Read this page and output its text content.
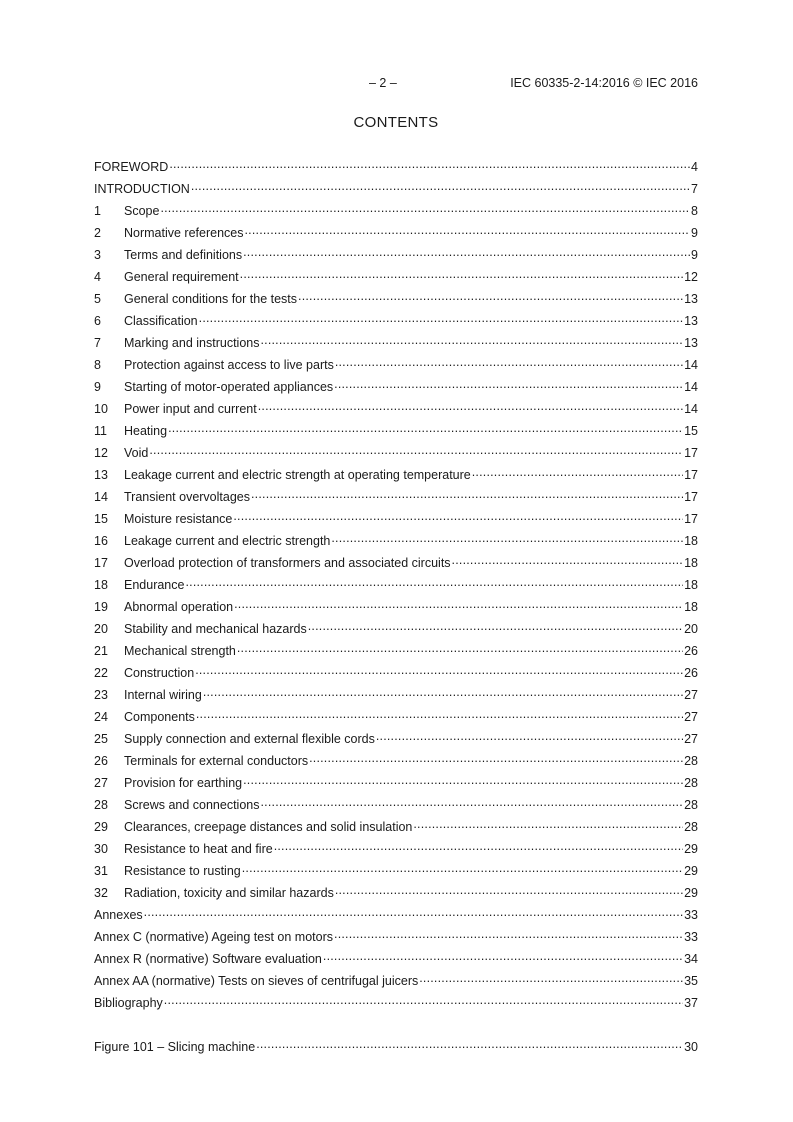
– 2 –	IEC 60335-2-14:2016 © IEC 2016
CONTENTS
FOREWORD .....	4
INTRODUCTION .....	7
1	Scope .....	8
2	Normative references .....	9
3	Terms and definitions .....	9
4	General requirement .....	12
5	General conditions for the tests .....	13
6	Classification .....	13
7	Marking and instructions .....	13
8	Protection against access to live parts .....	14
9	Starting of motor-operated appliances .....	14
10	Power input and current .....	14
11	Heating .....	15
12	Void .....	17
13	Leakage current and electric strength at operating temperature .....	17
14	Transient overvoltages .....	17
15	Moisture resistance .....	17
16	Leakage current and electric strength .....	18
17	Overload protection of transformers and associated circuits .....	18
18	Endurance .....	18
19	Abnormal operation .....	18
20	Stability and mechanical hazards .....	20
21	Mechanical strength .....	26
22	Construction .....	26
23	Internal wiring .....	27
24	Components .....	27
25	Supply connection and external flexible cords .....	27
26	Terminals for external conductors .....	28
27	Provision for earthing .....	28
28	Screws and connections .....	28
29	Clearances, creepage distances and solid insulation .....	28
30	Resistance to heat and fire .....	29
31	Resistance to rusting .....	29
32	Radiation, toxicity and similar hazards .....	29
Annexes .....	33
Annex C (normative) Ageing test on motors .....	33
Annex R (normative) Software evaluation .....	34
Annex AA (normative) Tests on sieves of centrifugal juicers .....	35
Bibliography .....	37
Figure 101 – Slicing machine .....	30
